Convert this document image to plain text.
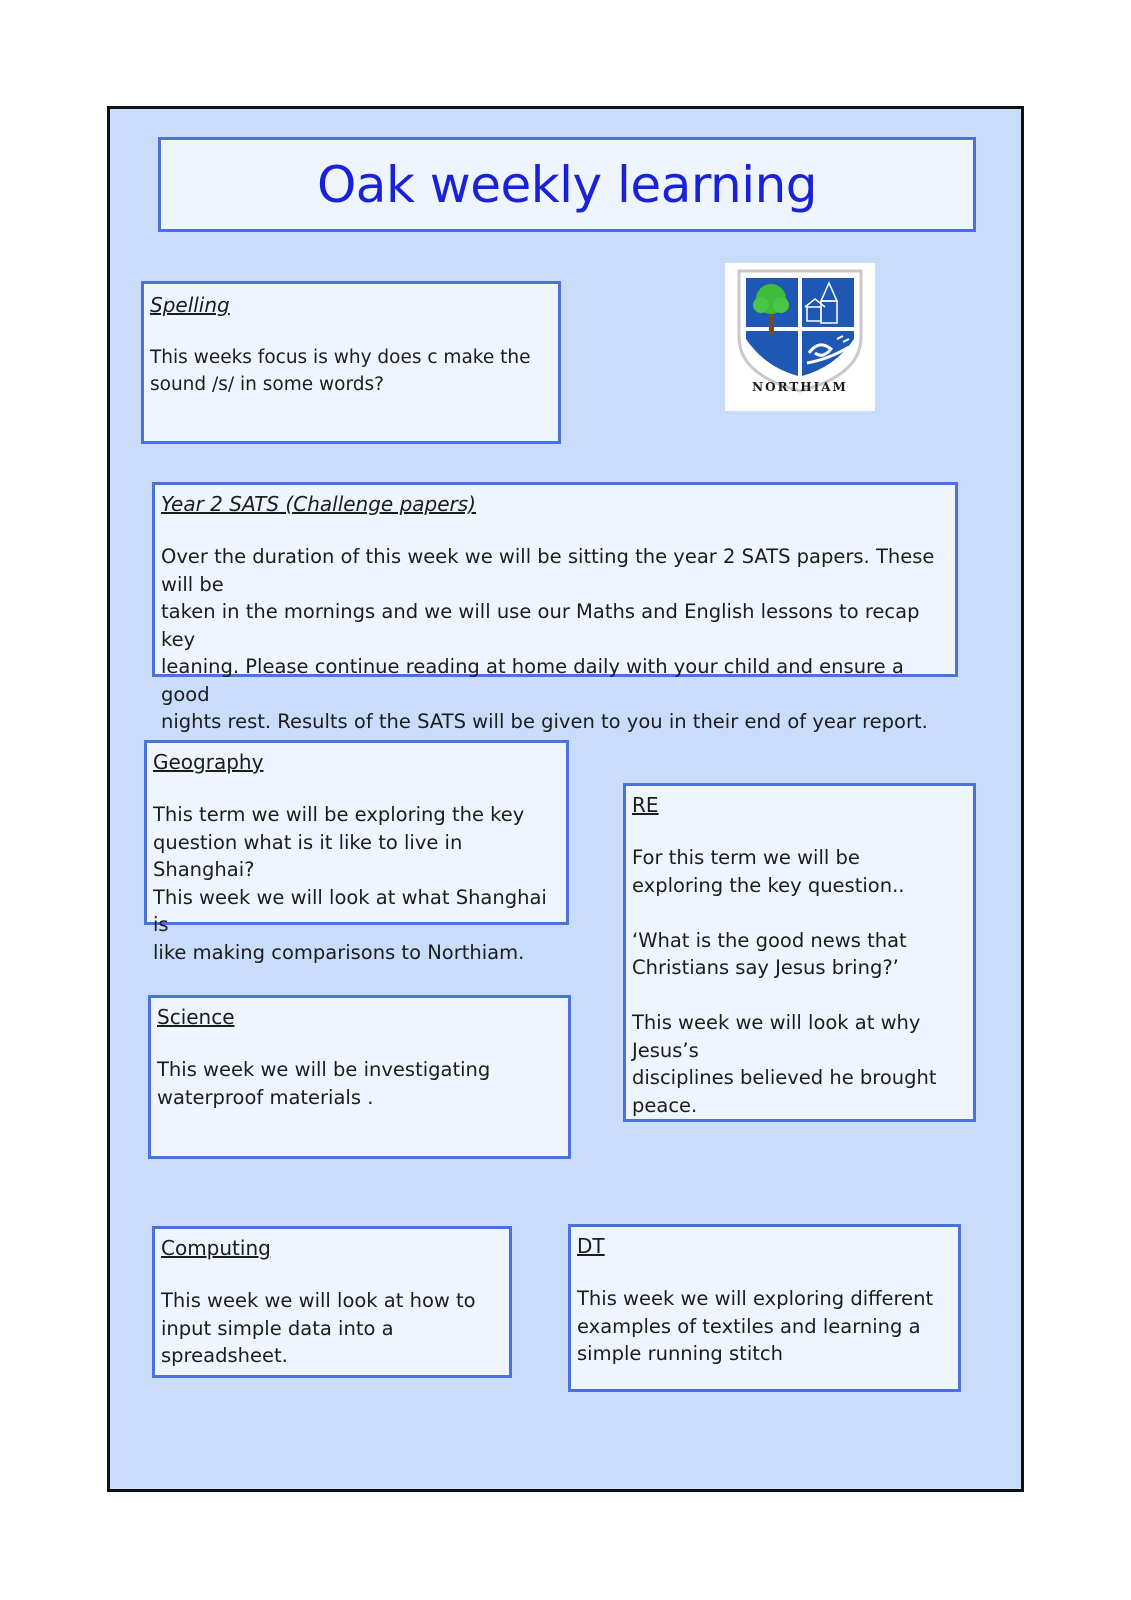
Oak weekly learning
NORTHIAM
Spelling
This weeks focus is why does c make the
sound /s/ in some words?
Year 2 SATS (Challenge papers)
Over the duration of this week we will be sitting the year 2 SATS papers. These will be
taken in the mornings and we will use our Maths and English lessons to recap key
leaning. Please continue reading at home daily with your child and ensure a good
nights rest. Results of the SATS will be given to you in their end of year report.
Geography
This term we will be exploring the key
question what is it like to live in Shanghai?
This week we will look at what Shanghai is
like making comparisons to Northiam.
RE
For this term we will be
exploring the key question..

‘What is the good news that
Christians say Jesus bring?’

This week we will look at why Jesus’s
disciplines believed he brought
peace.
Science
This week we will be investigating
waterproof materials .
Computing
This week we will look at how to
input simple data into a spreadsheet.
DT
This week we will exploring different
examples of textiles and learning a
simple running stitch
